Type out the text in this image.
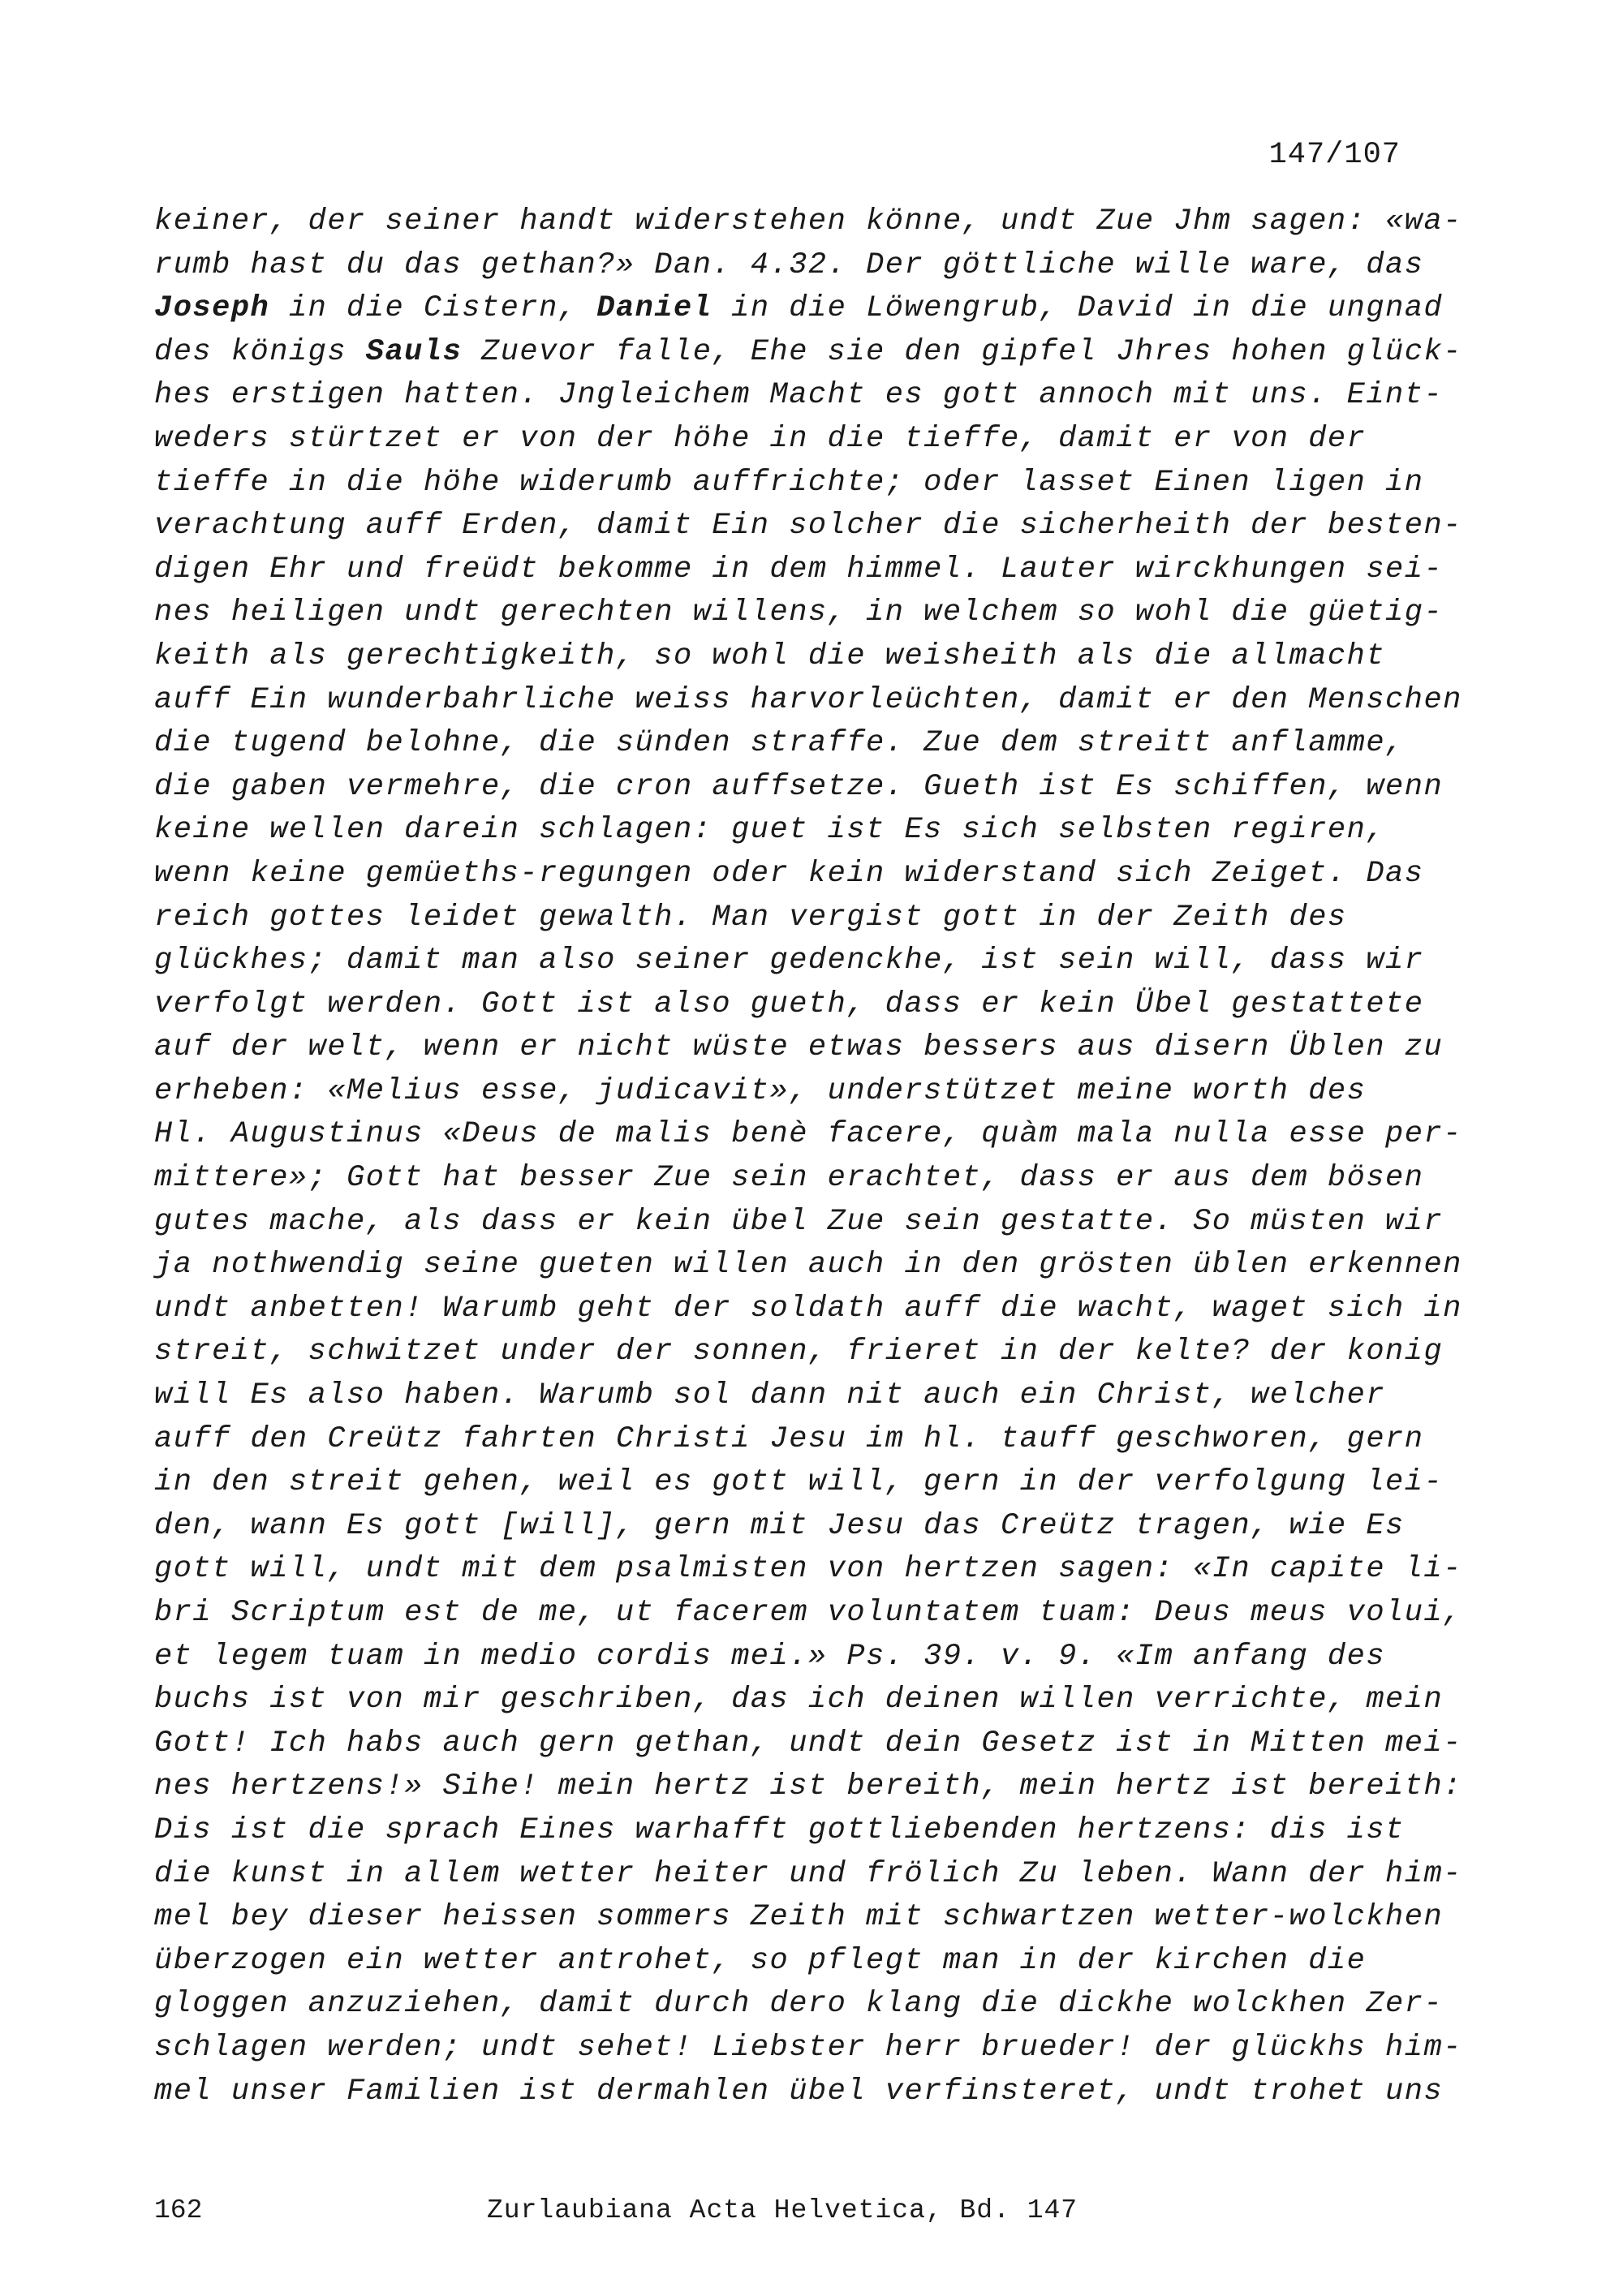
147/107
keiner, der seiner handt widerstehen könne, undt Zue Jhm sagen: «wa-
rumb hast du das gethan?» Dan. 4.32. Der göttliche wille ware, das
Joseph in die Cistern, Daniel in die Löwengrub, David in die ungnad
des königs Sauls Zuevor falle, Ehe sie den gipfel Jhres hohen glück-
hes erstigen hatten. Jngleichem Macht es gott annoch mit uns. Eint-
weders stürtzet er von der höhe in die tieffe, damit er von der
tieffe in die höhe widerumb auffrichte; oder lasset Einen ligen in
verachtung auff Erden, damit Ein solcher die sicherheith der besten-
digen Ehr und freüdt bekomme in dem himmel. Lauter wirckhungen sei-
nes heiligen undt gerechten willens, in welchem so wohl die güetig-
keith als gerechtigkeith, so wohl die weisheith als die allmacht
auff Ein wunderbahrliche weiss harvorleüchten, damit er den Menschen
die tugend belohne, die sünden straffe. Zue dem streitt anflamme,
die gaben vermehre, die cron auffsetze. Gueth ist Es schiffen, wenn
keine wellen darein schlagen: guet ist Es sich selbsten regiren,
wenn keine gemüeths-regungen oder kein widerstand sich Zeiget. Das
reich gottes leidet gewalth. Man vergist gott in der Zeith des
glückhes; damit man also seiner gedenckhe, ist sein will, dass wir
verfolgt werden. Gott ist also gueth, dass er kein Übel gestattete
auf der welt, wenn er nicht wüste etwas bessers aus disern Üblen zu
erheben: «Melius esse, judicavit», understützet meine worth des
Hl. Augustinus «Deus de malis benè facere, quàm mala nulla esse per-
mittere»; Gott hat besser Zue sein erachtet, dass er aus dem bösen
gutes mache, als dass er kein übel Zue sein gestatte. So müsten wir
ja nothwendig seine gueten willen auch in den grösten üblen erkennen
undt anbetten! Warumb geht der soldath auff die wacht, waget sich in
streit, schwitzet under der sonnen, frieret in der kelte? der konig
will Es also haben. Warumb sol dann nit auch ein Christ, welcher
auff den Creütz fahrten Christi Jesu im hl. tauff geschworen, gern
in den streit gehen, weil es gott will, gern in der verfolgung lei-
den, wann Es gott [will], gern mit Jesu das Creütz tragen, wie Es
gott will, undt mit dem psalmisten von hertzen sagen: «In capite li-
bri Scriptum est de me, ut facerem voluntatem tuam: Deus meus volui,
et legem tuam in medio cordis mei.» Ps. 39. v. 9. «Im anfang des
buchs ist von mir geschriben, das ich deinen willen verrichte, mein
Gott! Ich habs auch gern gethan, undt dein Gesetz ist in Mitten mei-
nes hertzens!» Sihe! mein hertz ist bereith, mein hertz ist bereith:
Dis ist die sprach Eines warhafft gottliebenden hertzens: dis ist
die kunst in allem wetter heiter und frölich Zu leben. Wann der him-
mel bey dieser heissen sommers Zeith mit schwartzen wetter-wolckhen
überzogen ein wetter antrohet, so pflegt man in der kirchen die
gloggen anzuziehen, damit durch dero klang die dickhe wolckhen Zer-
schlagen werden; undt sehet! Liebster herr brueder! der glückhs him-
mel unser Familien ist dermahlen übel verfinsteret, undt trohet uns
162	Zurlaubiana Acta Helvetica, Bd. 147
